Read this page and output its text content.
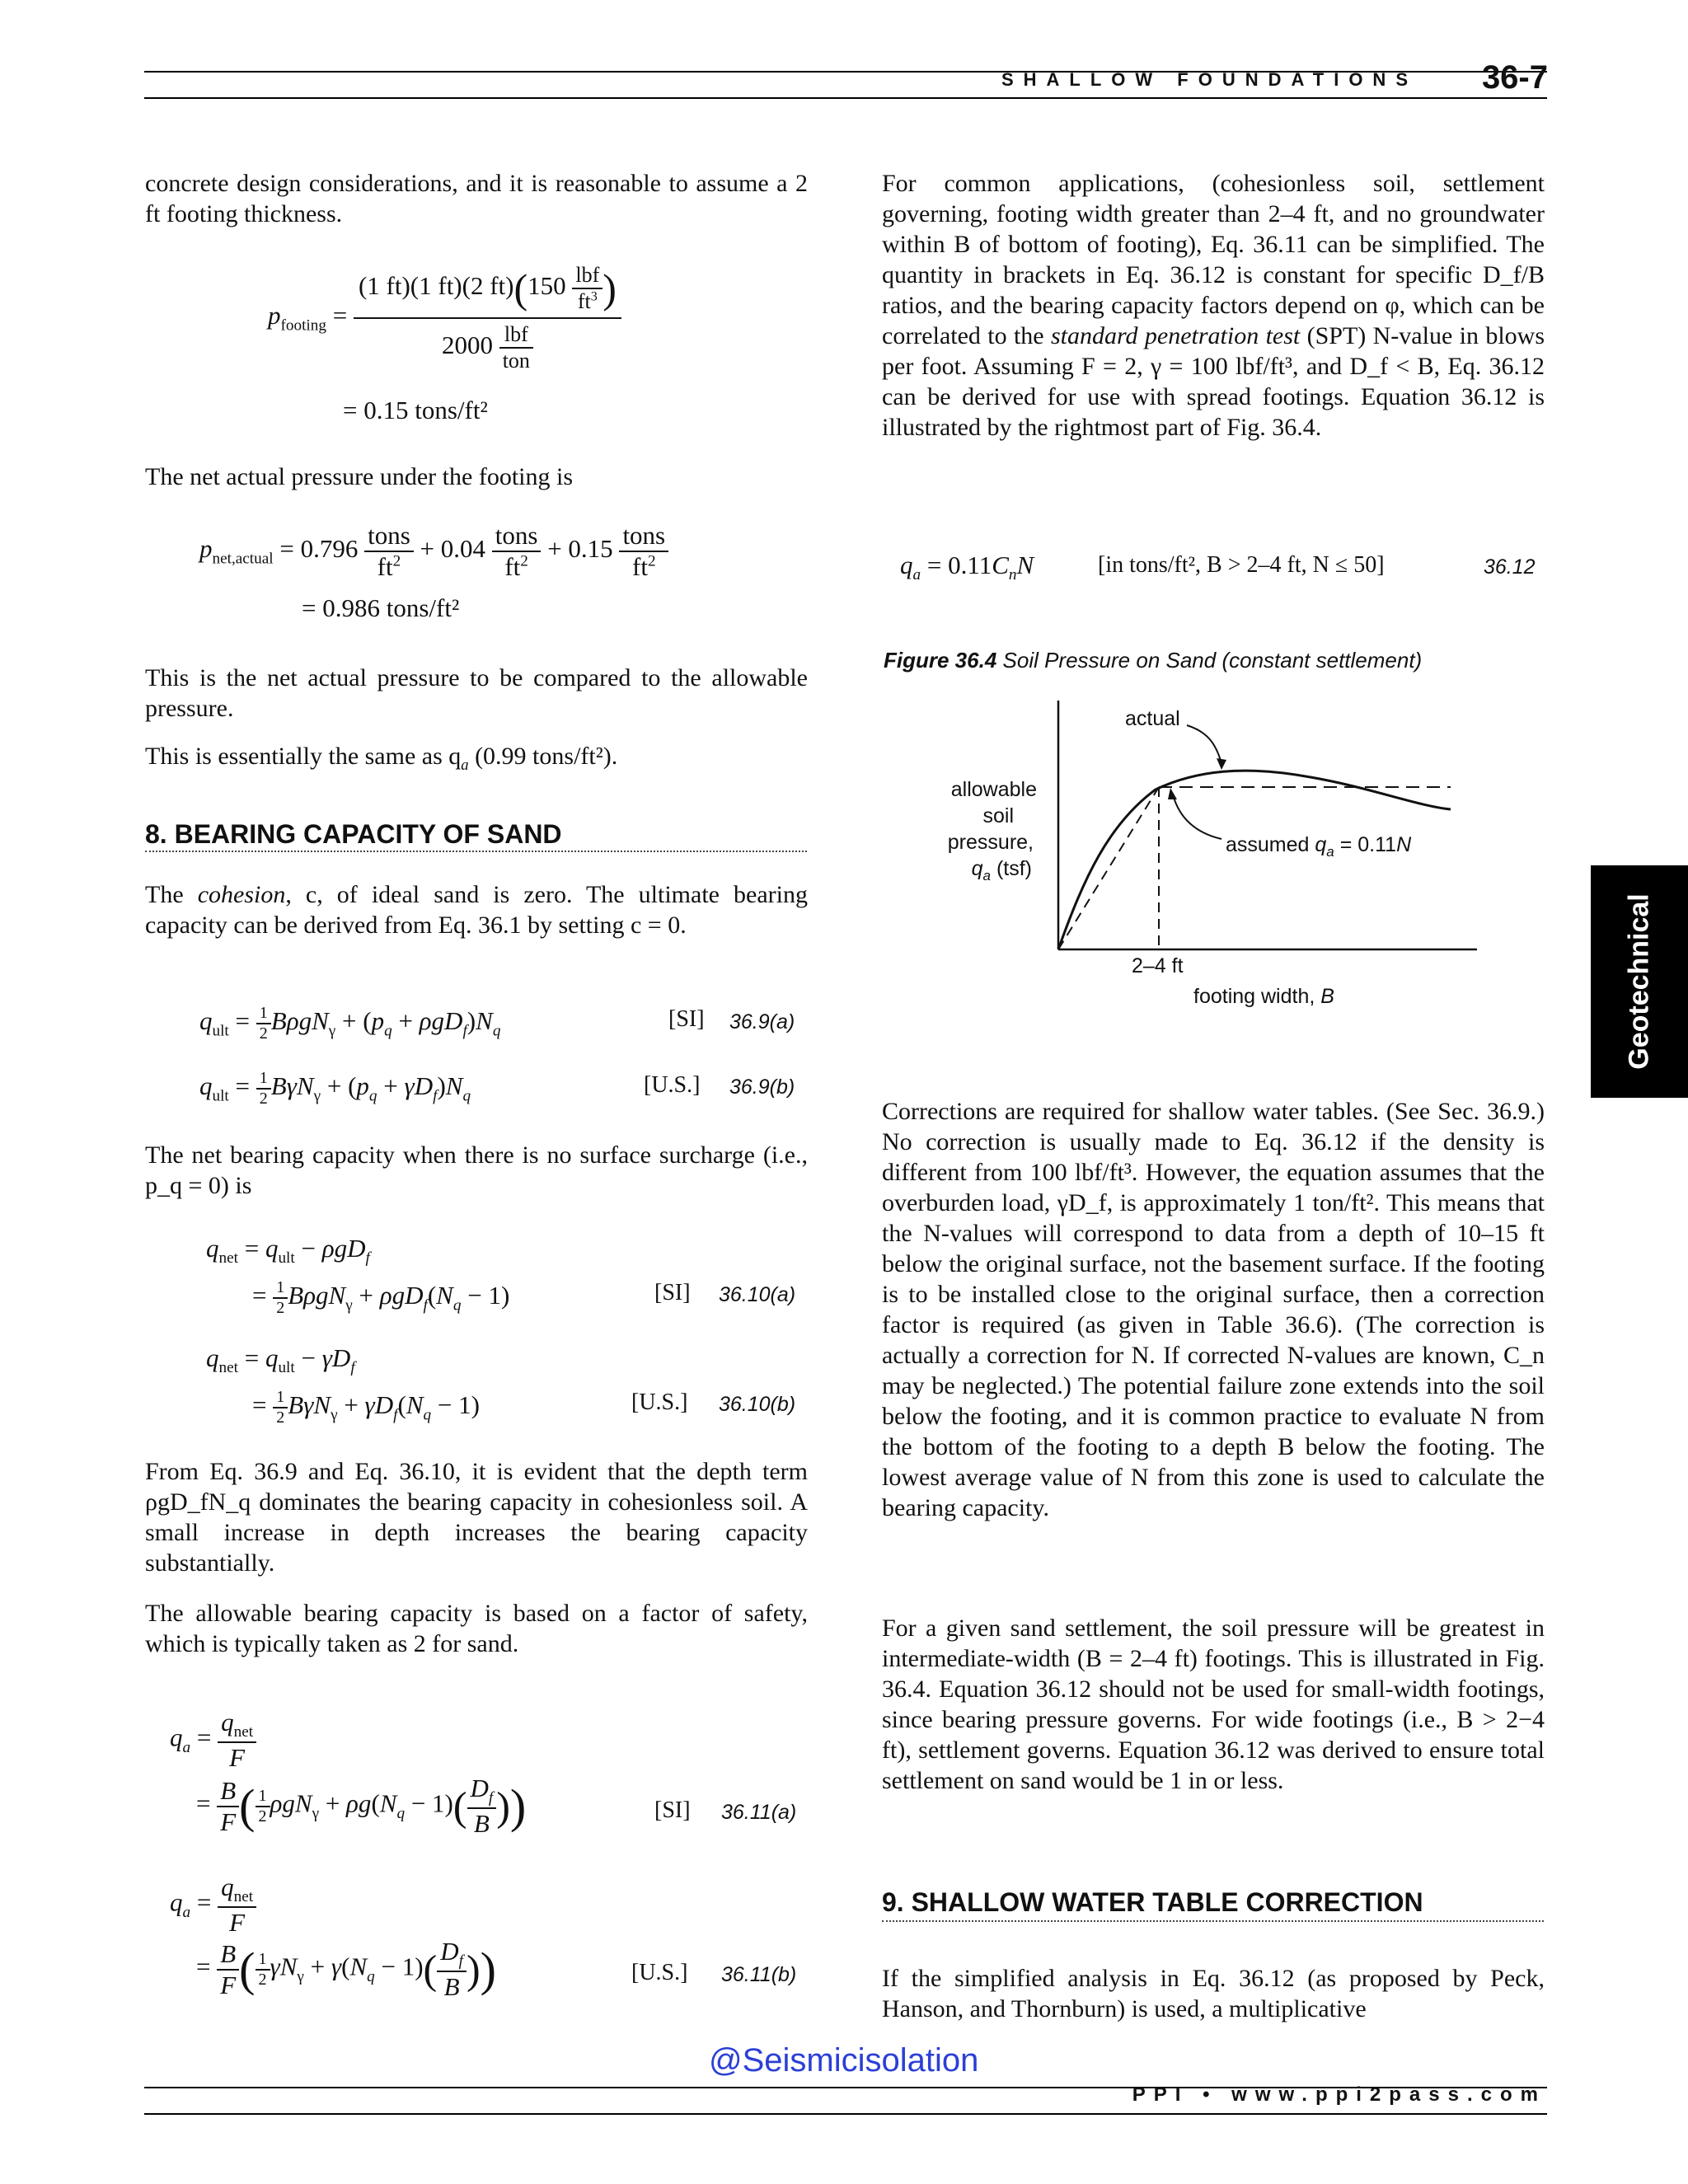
SHALLOW FOUNDATIONS	36-7
Geotechnical

concrete design considerations, and it is reasonable to assume a 2 ft footing thickness.

$p_{footing} = \frac{(1 ft)(1 ft)(2 ft)(150 \frac{\text{lbf}}{ft^3} )}{2000 \frac{\text{lbf}}{\text{ton}}}$
= 0.15 tons/ft²

The net actual pressure under the footing is

$p_{net,actual} = 0.796 \frac{\text{tons}}{ft^2} + 0.04 \frac{\text{tons}}{ft^2} + 0.15 \frac{\text{tons}}{ft^2}$
= 0.986 tons/ft²

This is the net actual pressure to be compared to the allowable pressure.

This is essentially the same as $q_a$ (0.99 tons/ft²).

8. BEARING CAPACITY OF SAND

The cohesion, c, of ideal sand is zero. The ultimate bearing capacity can be derived from Eq. 36.1 by setting c = 0.

$q_{ult} = \frac{1}{2} B\rho gN_\gamma + (p_q + \rho gD_f)N_q$	[SI] 36.9(a)
$q_{ult} = \frac{1}{2} B\gamma N_\gamma + (p_q + \gamma D_f)N_q$	[U.S.] 36.9(b)

The net bearing capacity when there is no surface surcharge (i.e., p_q = 0) is

$q_{net} = q_{ult} - \rho gD_f$
= $\frac{1}{2} B\rho gN_\gamma + \rho gD_f(N_q - 1)$	[SI] 36.10(a)
$q_{net} = q_{ult} - \gamma D_f$
= $\frac{1}{2} B\gamma N_\gamma + \gamma D_f(N_q - 1)$	[U.S.] 36.10(b)

From Eq. 36.9 and Eq. 36.10, it is evident that the depth term ρgD_fN_q dominates the bearing capacity in cohesionless soil. A small increase in depth increases the bearing capacity substantially.

The allowable bearing capacity is based on a factor of safety, which is typically taken as 2 for sand.

$q_a = \frac{q_{net}}{F}$
= $\frac{B}{F}$ ( $\frac{1}{2} \rho gN_\gamma + \rho g(N_q - 1)( \frac{D_f}{B}$ ))	[SI] 36.11(a)
$q_a = \frac{q_{net}}{F}$
= $\frac{B}{F}$ ( $\frac{1}{2} \gamma N_\gamma + \gamma(N_q - 1)( \frac{D_f}{B}$ ))	[U.S.] 36.11(b)

For common applications, (cohesionless soil, settlement governing, footing width greater than 2–4 ft, and no groundwater within B of bottom of footing), Eq. 36.11 can be simplified. The quantity in brackets in Eq. 36.12 is constant for specific D_f/B ratios, and the bearing capacity factors depend on φ, which can be correlated to the standard penetration test (SPT) N-value in blows per foot. Assuming F = 2, γ = 100 lbf/ft³, and D_f < B, Eq. 36.12 can be derived for use with spread footings. Equation 36.12 is illustrated by the rightmost part of Fig. 36.4.

$q_a = 0.11C_nN$	[in tons/ft², B > 2–4 ft, N ≤ 50]	36.12
Figure 36.4 Soil Pressure on Sand (constant settlement)
actual
assumed $q_a = 0.11N$
allowable
soil
pressure,
$q_a$ (tsf)
2–4 ft
footing width, B

Corrections are required for shallow water tables. (See Sec. 36.9.) No correction is usually made to Eq. 36.12 if the density is different from 100 lbf/ft³. However, the equation assumes that the overburden load, γD_f, is approximately 1 ton/ft². This means that the N-values will correspond to data from a depth of 10–15 ft below the original surface, not the basement surface. If the footing is to be installed close to the original surface, then a correction factor is required (as given in Table 36.6). (The correction is actually a correction for N. If corrected N-values are known, C_n may be neglected.) The potential failure zone extends into the soil below the footing, and it is common practice to evaluate N from the bottom of the footing to a depth B below the footing. The lowest average value of N from this zone is used to calculate the bearing capacity.

For a given sand settlement, the soil pressure will be greatest in intermediate-width (B = 2–4 ft) footings. This is illustrated in Fig. 36.4. Equation 36.12 should not be used for small-width footings, since bearing pressure governs. For wide footings (i.e., B > 2−4 ft), settlement governs. Equation 36.12 was derived to ensure total settlement on sand would be 1 in or less.

9. SHALLOW WATER TABLE CORRECTION

If the simplified analysis in Eq. 36.12 (as proposed by Peck, Hanson, and Thornburn) is used, a multiplicative

@Seismicisolation
PPI • www.ppi2pass.com
